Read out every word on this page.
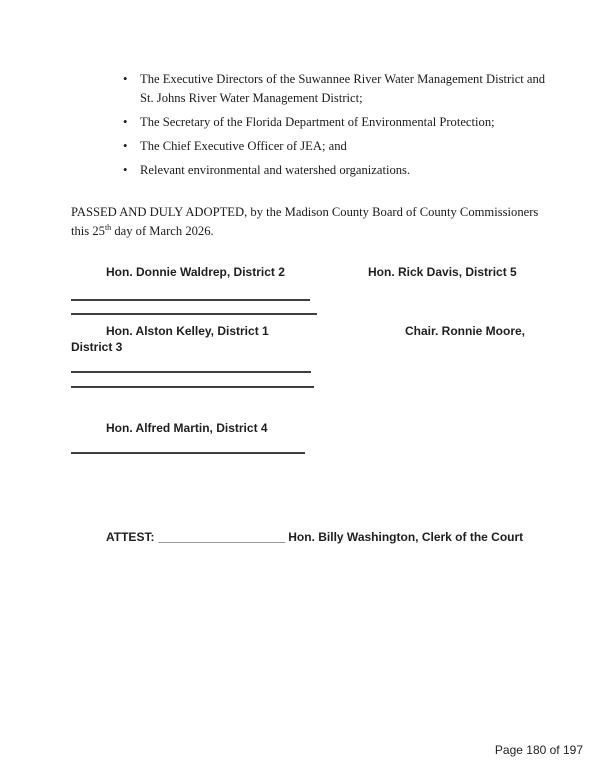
• The Executive Directors of the Suwannee River Water Management District and
St. Johns River Water Management District;
• The Secretary of the Florida Department of Environmental Protection;
• The Chief Executive Officer of JEA; and
• Relevant environmental and watershed organizations.
PASSED AND DULY ADOPTED, by the Madison County Board of County Commissioners
this 25th day of March 2026.
Hon. Donnie Waldrep, District 2	Hon. Rick Davis, District 5
Hon. Alston Kelley, District 1	Chair. Ronnie Moore,
District 3
Hon. Alfred Martin, District 4
ATTEST: ___________________ Hon. Billy Washington, Clerk of the Court
Page 180 of 197
